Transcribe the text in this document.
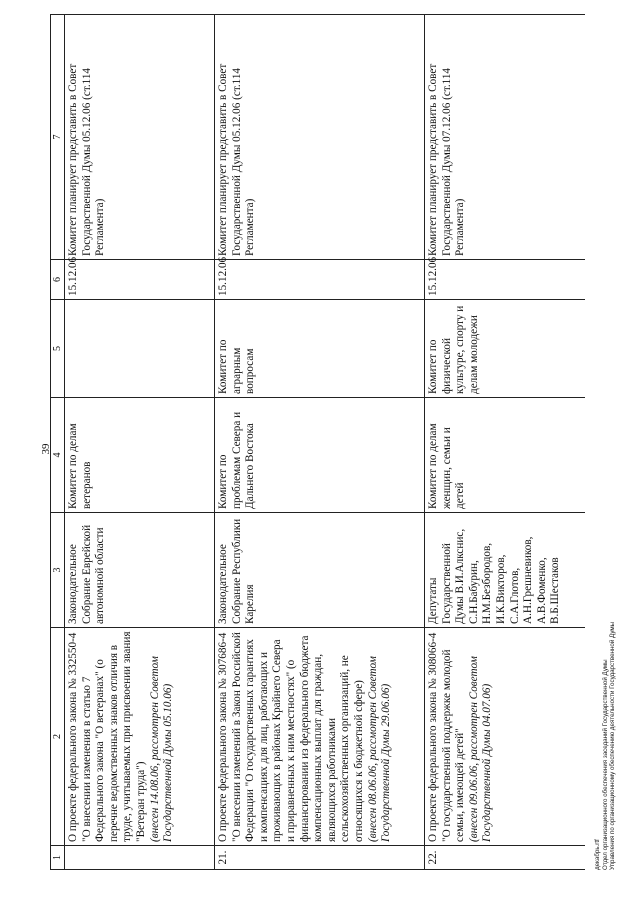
39
1	2	3	4	5	6	7

	О проекте федерального закона № 332550-4 "О внесении изменения в статью 7 Федерального закона "О ветеранах" (о перечне ведомственных знаков отличия в труде, учитываемых при присвоении звания "Ветеран труда") (внесен 14.08.06, рассмотрен Советом Государственной Думы 05.10.06)	Законодательное Собрание Еврейской автономной области	Комитет по делам ветеранов		15.12.06	Комитет планирует представить в Совет Государственной Думы 05.12.06 (ст.114 Регламента)
21.	О проекте федерального закона № 307686-4 "О внесении изменений в Закон Российской Федерации "О государственных гарантиях и компенсациях для лиц, работающих и проживающих в районах Крайнего Севера и приравненных к ним местностях" (о финансировании из федерального бюджета компенсационных выплат для граждан, являющихся работниками сельскохозяйственных организаций, не относящихся к бюджетной сфере) (внесен 08.06.06, рассмотрен Советом Государственной Думы 29.06.06)	Законодательное Собрание Республики Карелия	Комитет по проблемам Севера и Дальнего Востока	Комитет по аграрным вопросам	15.12.06	Комитет планирует представить в Совет Государственной Думы 05.12.06 (ст.114 Регламента)
22.	О проекте федерального закона № 308066-4 "О государственной поддержке молодой семьи, имеющей детей" (внесен 09.06.06, рассмотрен Советом Государственной Думы 04.07.06)	Депутаты Государственной Думы В.И.Алкснис, С.Н.Бабурин, Н.М.Безбородов, И.К.Викторов, С.А.Глотов, А.Н.Грешневиков, А.В.Фоменко, В.Б.Шестаков	Комитет по делам женщин, семьи и детей	Комитет по физической культуре, спорту и делам молодежи	15.12.06	Комитет планирует представить в Совет Государственной Думы 07.12.06 (ст.114 Регламента)
декабрь.rtf Отдел организационного обеспечения заседаний Государственной Думы Управления по организационному обеспечению деятельности Государственной Думы
